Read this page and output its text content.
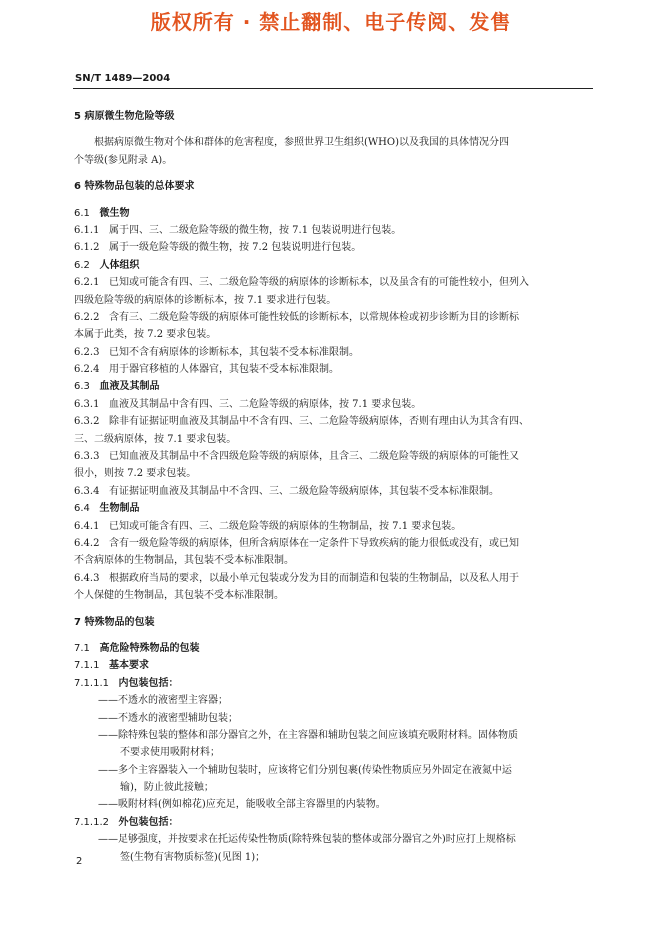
版权所有 · 禁止翻制、电子传阅、发售
SN/T 1489—2004
5 病原微生物危险等级
根据病原微生物对个体和群体的危害程度，参照世界卫生组织(WHO)以及我国的具体情况分四
个等级(参见附录 A)。
6 特殊物品包装的总体要求
6.1   微生物
6.1.1   属于四、三、二级危险等级的微生物，按 7.1 包装说明进行包装。
6.1.2   属于一级危险等级的微生物，按 7.2 包装说明进行包装。
6.2   人体组织
6.2.1   已知或可能含有四、三、二级危险等级的病原体的诊断标本，以及虽含有的可能性较小，但列入
四级危险等级的病原体的诊断标本，按 7.1 要求进行包装。
6.2.2   含有三、二级危险等级的病原体可能性较低的诊断标本，以常规体检或初步诊断为目的诊断标
本属于此类，按 7.2 要求包装。
6.2.3   已知不含有病原体的诊断标本，其包装不受本标准限制。
6.2.4   用于器官移植的人体器官，其包装不受本标准限制。
6.3   血液及其制品
6.3.1   血液及其制品中含有四、三、二危险等级的病原体，按 7.1 要求包装。
6.3.2   除非有证据证明血液及其制品中不含有四、三、二危险等级病原体，否则有理由认为其含有四、
三、二级病原体，按 7.1 要求包装。
6.3.3   已知血液及其制品中不含四级危险等级的病原体，且含三、二级危险等级的病原体的可能性又
很小，则按 7.2 要求包装。
6.3.4   有证据证明血液及其制品中不含四、三、二级危险等级病原体，其包装不受本标准限制。
6.4   生物制品
6.4.1   已知或可能含有四、三、二级危险等级的病原体的生物制品，按 7.1 要求包装。
6.4.2   含有一级危险等级的病原体，但所含病原体在一定条件下导致疾病的能力很低或没有，或已知
不含病原体的生物制品，其包装不受本标准限制。
6.4.3   根据政府当局的要求，以最小单元包装或分发为目的而制造和包装的生物制品，以及私人用于
个人保健的生物制品，其包装不受本标准限制。
7 特殊物品的包装
7.1   高危险特殊物品的包装
7.1.1   基本要求
7.1.1.1   内包装包括：
——不透水的液密型主容器；
——不透水的液密型辅助包装；
——除特殊包装的整体和部分器官之外，在主容器和辅助包装之间应该填充吸附材料。固体物质
不要求使用吸附材料；
——多个主容器装入一个辅助包装时，应该将它们分别包裹(传染性物质应另外固定在液氮中运
输)，防止彼此接触；
——吸附材料(例如棉花)应充足，能吸收全部主容器里的内装物。
7.1.1.2   外包装包括：
——足够强度，并按要求在托运传染性物质(除特殊包装的整体或部分器官之外)时应打上规格标
签(生物有害物质标签)(见图 1)；
2
